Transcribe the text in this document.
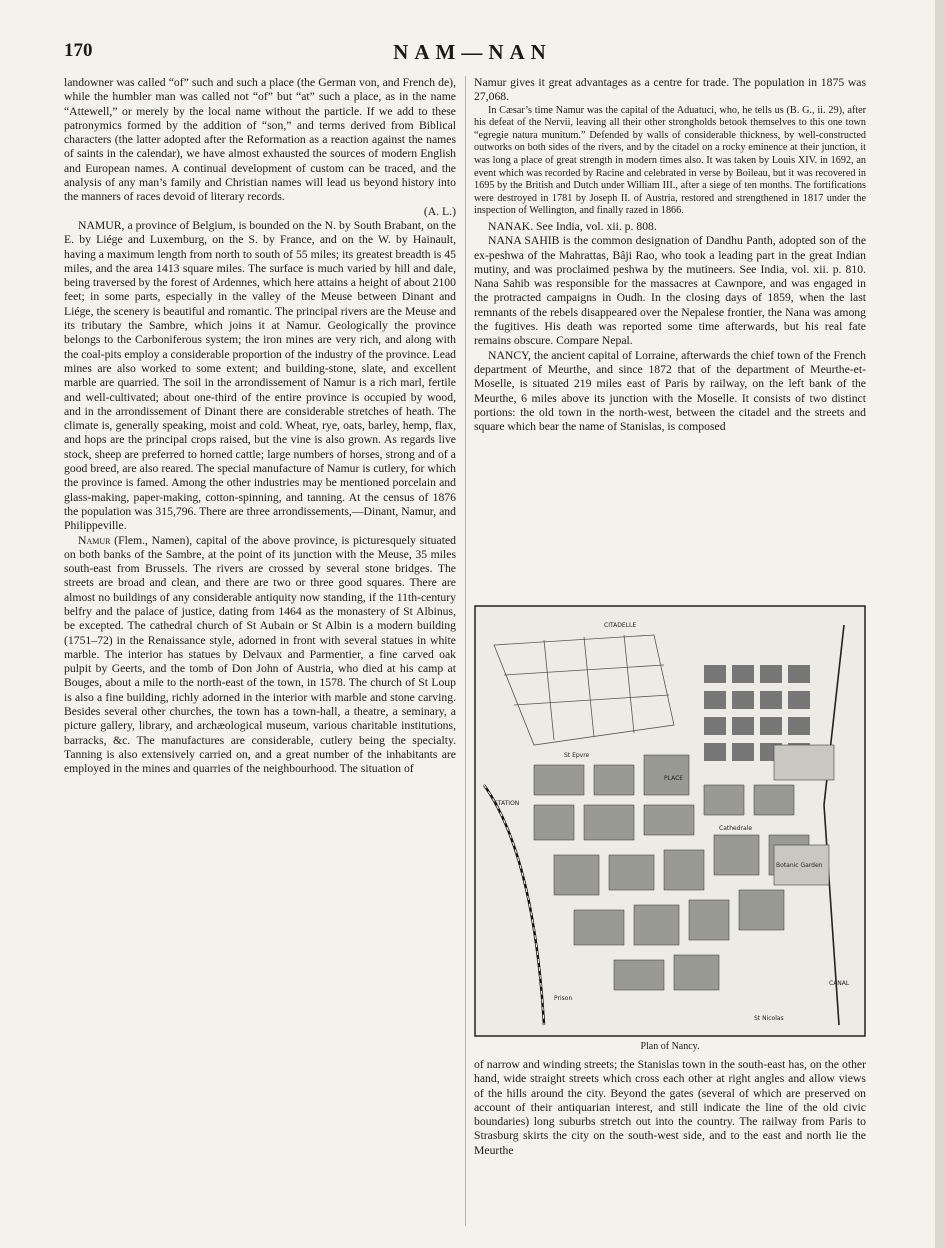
170	NAM—NAN

landowner was called “of” such and such a place (the German von, and French de), while the humbler man was called not “of” but “at” such a place, as in the name “Attewell,” or merely by the local name without the particle. If we add to these patronymics formed by the addition of “son,” and terms derived from Biblical characters (the latter adopted after the Reformation as a reaction against the names of saints in the calendar), we have almost exhausted the sources of modern English and European names. A continual development of custom can be traced, and the analysis of any man’s family and Christian names will lead us beyond history into the manners of races devoid of literary records.

(A. L.)

NAMUR, a province of Belgium, is bounded on the N. by South Brabant, on the E. by Liége and Luxemburg, on the S. by France, and on the W. by Hainault, having a maximum length from north to south of 55 miles; its greatest breadth is 45 miles, and the area 1413 square miles. The surface is much varied by hill and dale, being traversed by the forest of Ardennes, which here attains a height of about 2100 feet; in some parts, especially in the valley of the Meuse between Dinant and Liége, the scenery is beautiful and romantic. The principal rivers are the Meuse and its tributary the Sambre, which joins it at Namur. Geologically the province belongs to the Carboniferous system; the iron mines are very rich, and along with the coal-pits employ a considerable proportion of the industry of the province. Lead mines are also worked to some extent; and building-stone, slate, and excellent marble are quarried. The soil in the arrondissement of Namur is a rich marl, fertile and well-cultivated; about one-third of the entire province is occupied by wood, and in the arrondissement of Dinant there are considerable stretches of heath. The climate is, generally speaking, moist and cold. Wheat, rye, oats, barley, hemp, flax, and hops are the principal crops raised, but the vine is also grown. As regards live stock, sheep are preferred to horned cattle; large numbers of horses, strong and of a good breed, are also reared. The special manufacture of Namur is cutlery, for which the province is famed. Among the other industries may be mentioned porcelain and glass-making, paper-making, cotton-spinning, and tanning. At the census of 1876 the population was 315,796. There are three arrondissements,—Dinant, Namur, and Philippeville.

Namur (Flem., Namen), capital of the above province, is picturesquely situated on both banks of the Sambre, at the point of its junction with the Meuse, 35 miles south-east from Brussels. The rivers are crossed by several stone bridges. The streets are broad and clean, and there are two or three good squares. There are almost no buildings of any considerable antiquity now standing, if the 11th-century belfry and the palace of justice, dating from 1464 as the monastery of St Albinus, be excepted. The cathedral church of St Aubain or St Albin is a modern building (1751–72) in the Renaissance style, adorned in front with several statues in white marble. The interior has statues by Delvaux and Parmentier, a fine carved oak pulpit by Geerts, and the tomb of Don John of Austria, who died at his camp at Bouges, about a mile to the north-east of the town, in 1578. The church of St Loup is also a fine building, richly adorned in the interior with marble and stone carving. Besides several other churches, the town has a town-hall, a theatre, a seminary, a picture gallery, library, and archæological museum, various charitable institutions, barracks, &c. The manufactures are considerable, cutlery being the specialty. Tanning is also extensively carried on, and a great number of the inhabitants are employed in the mines and quarries of the neighbourhood. The situation of

Namur gives it great advantages as a centre for trade. The population in 1875 was 27,068.

In Cæsar’s time Namur was the capital of the Aduatuci, who, he tells us (B. G., ii. 29), after his defeat of the Nervii, leaving all their other strongholds betook themselves to this one town “egregie natura munitum.” Defended by walls of considerable thickness, by well-constructed outworks on both sides of the rivers, and by the citadel on a rocky eminence at their junction, it was long a place of great strength in modern times also. It was taken by Louis XIV. in 1692, an event which was recorded by Racine and celebrated in verse by Boileau, but it was recovered in 1695 by the British and Dutch under William III., after a siege of ten months. The fortifications were destroyed in 1781 by Joseph II. of Austria, restored and strengthened in 1817 under the inspection of Wellington, and finally razed in 1866.

NANAK. See India, vol. xii. p. 808.

NANA SAHIB is the common designation of Dandhu Panth, adopted son of the ex-peshwa of the Mahrattas, Bâji Rao, who took a leading part in the great Indian mutiny, and was proclaimed peshwa by the mutineers. See India, vol. xii. p. 810. Nana Sahib was responsible for the massacres at Cawnpore, and was engaged in the protracted campaigns in Oudh. In the closing days of 1859, when the last remnants of the rebels disappeared over the Nepalese frontier, the Nana was among the fugitives. His death was reported some time afterwards, but his real fate remains obscure. Compare Nepal.

NANCY, the ancient capital of Lorraine, afterwards the chief town of the French department of Meurthe, and since 1872 that of the department of Meurthe-et-Moselle, is situated 219 miles east of Paris by railway, on the left bank of the Meurthe, 6 miles above its junction with the Moselle. It consists of two distinct portions: the old town in the north-west, between the citadel and the streets and square which bear the name of Stanislas, is composed

CITADELLE
STATION
PLACE
Cathedrale
Prison
St Nicolas
St Epvre
Botanic Garden
CANAL
Plan of Nancy.

of narrow and winding streets; the Stanislas town in the south-east has, on the other hand, wide straight streets which cross each other at right angles and allow views of the hills around the city. Beyond the gates (several of which are preserved on account of their antiquarian interest, and still indicate the line of the old civic boundaries) long suburbs stretch out into the country. The railway from Paris to Strasburg skirts the city on the south-west side, and to the east and north lie the Meurthe
